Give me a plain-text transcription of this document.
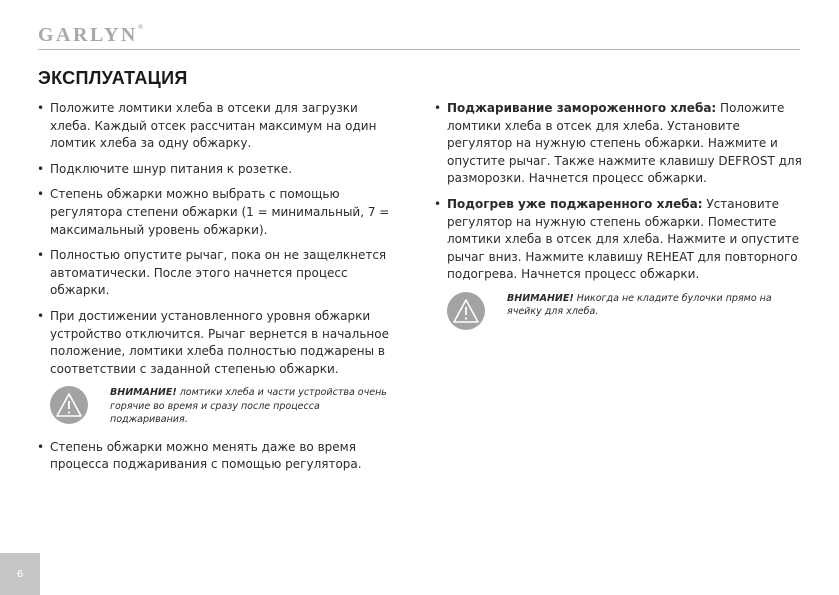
GARLYN®
ЭКСПЛУАТАЦИЯ
• Положите ломтики хлеба в отсеки для загрузки хлеба. Каждый отсек рассчитан максимум на один ломтик хлеба за одну обжарку.
• Подключите шнур питания к розетке.
• Степень обжарки можно выбрать с помощью регулятора степени обжарки (1 = минимальный, 7 = максимальный уровень обжарки).
• Полностью опустите рычаг, пока он не защелкнется автоматически. После этого начнется процесс обжарки.
• При достижении установленного уровня обжарки устройство отключится. Рычаг вернется в начальное положение, ломтики хлеба полностью поджарены в соответствии с заданной степенью обжарки.
ВНИМАНИЕ! ломтики хлеба и части устройства очень горячие во время и сразу после процесса поджаривания.
• Степень обжарки можно менять даже во время процесса поджаривания с помощью регулятора.
• Поджаривание замороженного хлеба: Положите ломтики хлеба в отсек для хлеба. Установите регулятор на нужную степень обжарки. Нажмите и опустите рычаг. Также нажмите клавишу DEFROST для разморозки. Начнется процесс обжарки.
• Подогрев уже поджаренного хлеба: Установите регулятор на нужную степень обжарки. Поместите ломтики хлеба в отсек для хлеба. Нажмите и опустите рычаг вниз. Нажмите клавишу REHEAT для повторного подогрева. Начнется процесс обжарки.
ВНИМАНИЕ! Никогда не кладите булочки прямо на ячейку для хлеба.
6
